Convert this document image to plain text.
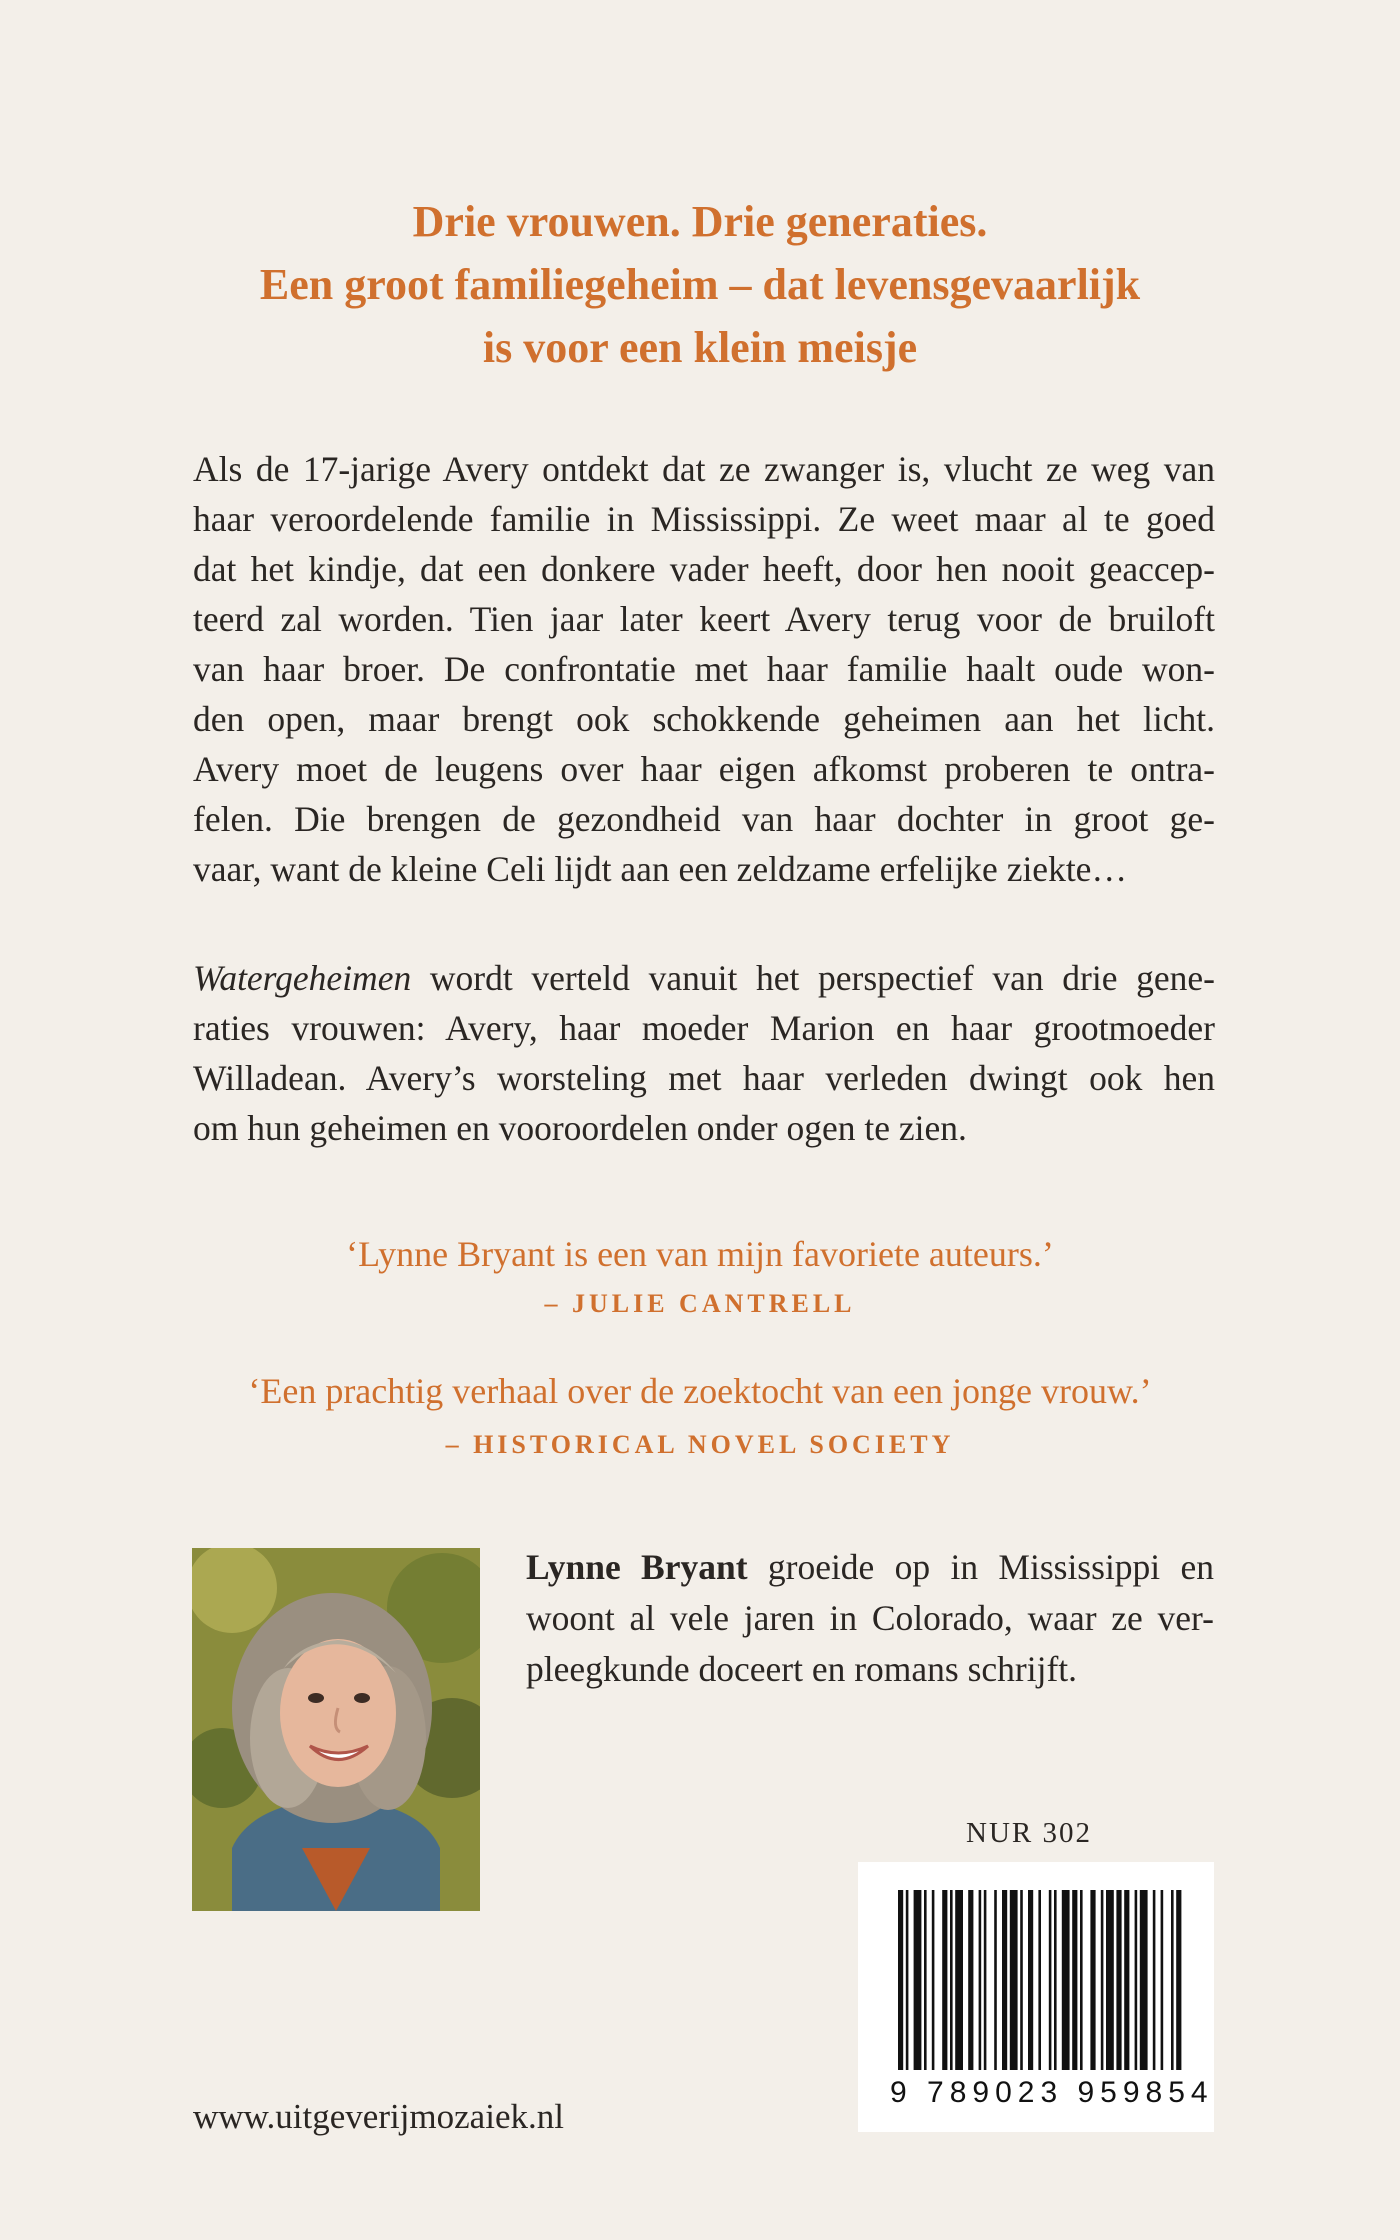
Drie vrouwen. Drie generaties.
Een groot familiegeheim – dat levensgevaarlijk
is voor een klein meisje
Als de 17-jarige Avery ontdekt dat ze zwanger is, vlucht ze weg van
haar veroordelende familie in Mississippi. Ze weet maar al te goed
dat het kindje, dat een donkere vader heeft, door hen nooit geaccep-
teerd zal worden. Tien jaar later keert Avery terug voor de bruiloft
van haar broer. De confrontatie met haar familie haalt oude won-
den open, maar brengt ook schokkende geheimen aan het licht.
Avery moet de leugens over haar eigen afkomst proberen te ontra-
felen. Die brengen de gezondheid van haar dochter in groot ge-
vaar, want de kleine Celi lijdt aan een zeldzame erfelijke ziekte…
Watergeheimen wordt verteld vanuit het perspectief van drie gene-
raties vrouwen: Avery, haar moeder Marion en haar grootmoeder
Willadean. Avery’s worsteling met haar verleden dwingt ook hen
om hun geheimen en vooroordelen onder ogen te zien.
‘Lynne Bryant is een van mijn favoriete auteurs.’
– JULIE CANTRELL
‘Een prachtig verhaal over de zoektocht van een jonge vrouw.’
– HISTORICAL NOVEL SOCIETY
Lynne Bryant groeide op in Mississippi en
woont al vele jaren in Colorado, waar ze ver-
pleegkunde doceert en romans schrijft.
NUR 302
9 789023 959854
www.uitgeverijmozaiek.nl
